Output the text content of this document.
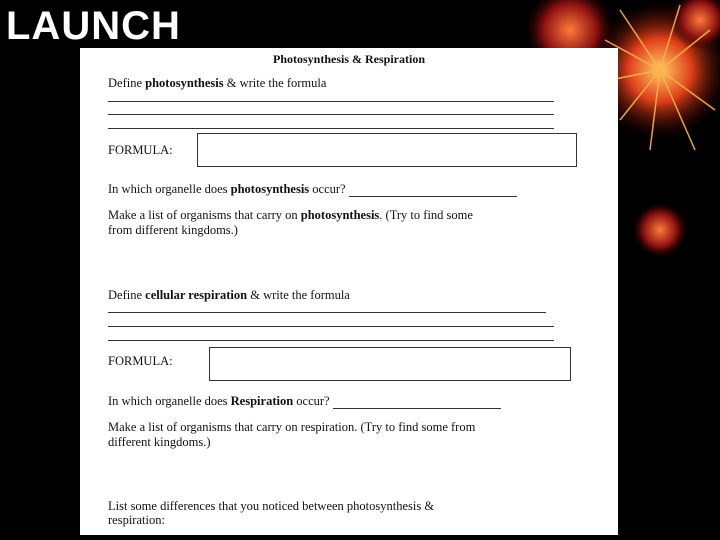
LAUNCH
Photosynthesis & Respiration
Define photosynthesis & write the formula
FORMULA:
In which organelle does photosynthesis occur?
Make a list of organisms that carry on photosynthesis. (Try to find some
from different kingdoms.)
Define cellular respiration & write the formula
FORMULA:
In which organelle does Respiration occur?
Make a list of organisms that carry on respiration. (Try to find some from
different kingdoms.)
List some differences that you noticed between photosynthesis &
respiration:
